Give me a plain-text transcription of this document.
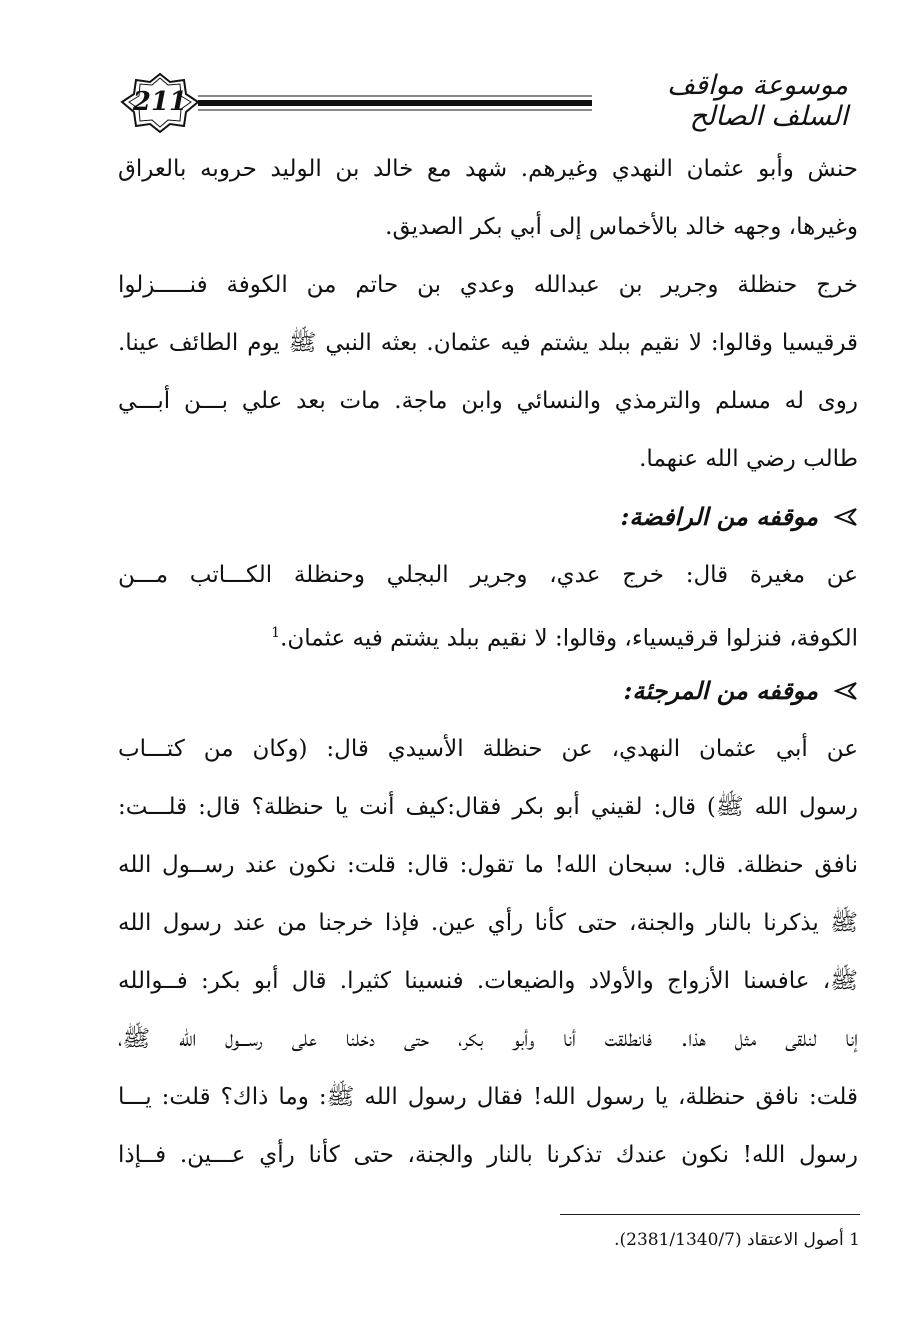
211
موسوعة مواقف السلف الصالح
حنش وأبو عثمان النهدي وغيرهم. شهد مع خالد بن الوليد حروبه بالعراق
وغيرها، وجهه خالد بالأخماس إلى أبي بكر الصديق.
خرج حنظلة وجرير بن عبدالله وعدي بن حاتم من الكوفة فنـــــزلوا
قرقيسيا وقالوا: لا نقيم ببلد يشتم فيه عثمان. بعثه النبي ﷺ يوم الطائف عينا.
روى له مسلم والترمذي والنسائي وابن ماجة. مات بعد علي بـــن أبـــي
طالب رضي الله عنهما.
موقفه من الرافضة:
عن مغيرة قال: خرج عدي، وجرير البجلي وحنظلة الكـــاتب مـــن
الكوفة، فنزلوا قرقيسياء، وقالوا: لا نقيم ببلد يشتم فيه عثمان.$^1$
موقفه من المرجئة:
عن أبي عثمان النهدي، عن حنظلة الأسيدي قال: (وكان من كتـــاب
رسول الله ﷺ) قال: لقيني أبو بكر فقال:كيف أنت يا حنظلة؟ قال: قلـــت:
نافق حنظلة. قال: سبحان الله! ما تقول: قال: قلت: نكون عند رســول الله
ﷺ يذكرنا بالنار والجنة، حتى كأنا رأي عين. فإذا خرجنا من عند رسول الله
ﷺ، عافسنا الأزواج والأولاد والضيعات. فنسينا كثيرا. قال أبو بكر: فــوالله
إنا لنلقى مثل هذا. فانطلقت أنا وأبو بكر، حتى دخلنا على رســـول الله ﷺ،
قلت: نافق حنظلة، يا رسول الله! فقال رسول الله ﷺ: وما ذاك؟ قلت: يـــا
رسول الله! نكون عندك تذكرنا بالنار والجنة، حتى كأنا رأي عـــين. فــإذا
1 أصول الاعتقاد (2381/1340/7).
